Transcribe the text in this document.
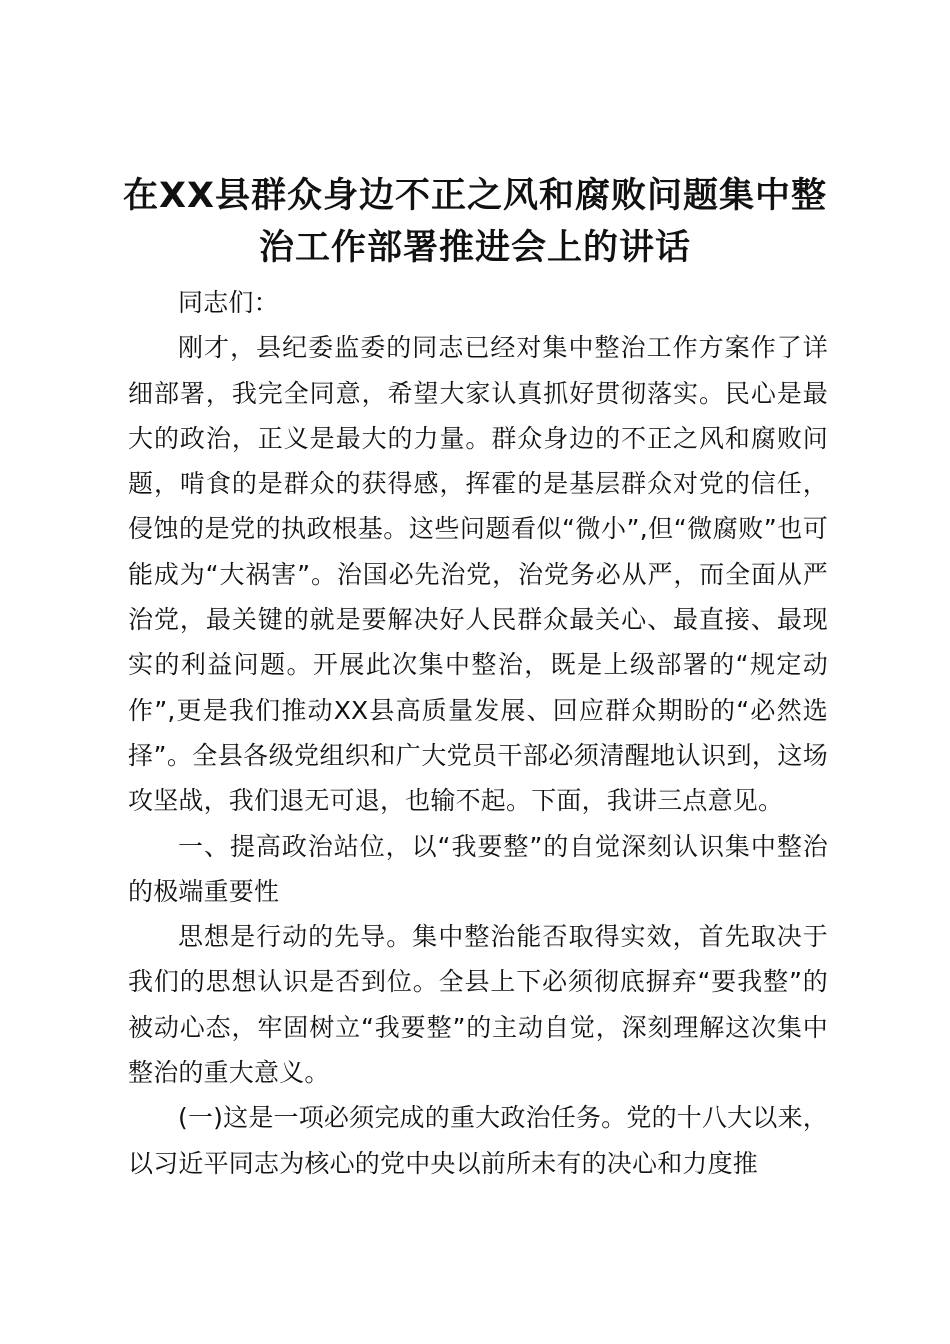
在XX县群众身边不正之风和腐败问题集中整治工作部署推进会上的讲话

同志们：

刚才，县纪委监委的同志已经对集中整治工作方案作了详细部署，我完全同意，希望大家认真抓好贯彻落实。民心是最大的政治，正义是最大的力量。群众身边的不正之风和腐败问题，啃食的是群众的获得感，挥霍的是基层群众对党的信任，侵蚀的是党的执政根基。这些问题看似“微小”,但“微腐败”也可能成为“大祸害”。治国必先治党，治党务必从严，而全面从严治党，最关键的就是要解决好人民群众最关心、最直接、最现实的利益问题。开展此次集中整治，既是上级部署的“规定动作”,更是我们推动XX县高质量发展、回应群众期盼的“必然选择”。全县各级党组织和广大党员干部必须清醒地认识到，这场攻坚战，我们退无可退，也输不起。下面，我讲三点意见。

一、提高政治站位，以“我要整”的自觉深刻认识集中整治的极端重要性

思想是行动的先导。集中整治能否取得实效，首先取决于我们的思想认识是否到位。全县上下必须彻底摒弃“要我整”的被动心态，牢固树立“我要整”的主动自觉，深刻理解这次集中整治的重大意义。

(一)这是一项必须完成的重大政治任务。党的十八大以来，以习近平同志为核心的党中央以前所未有的决心和力度推
